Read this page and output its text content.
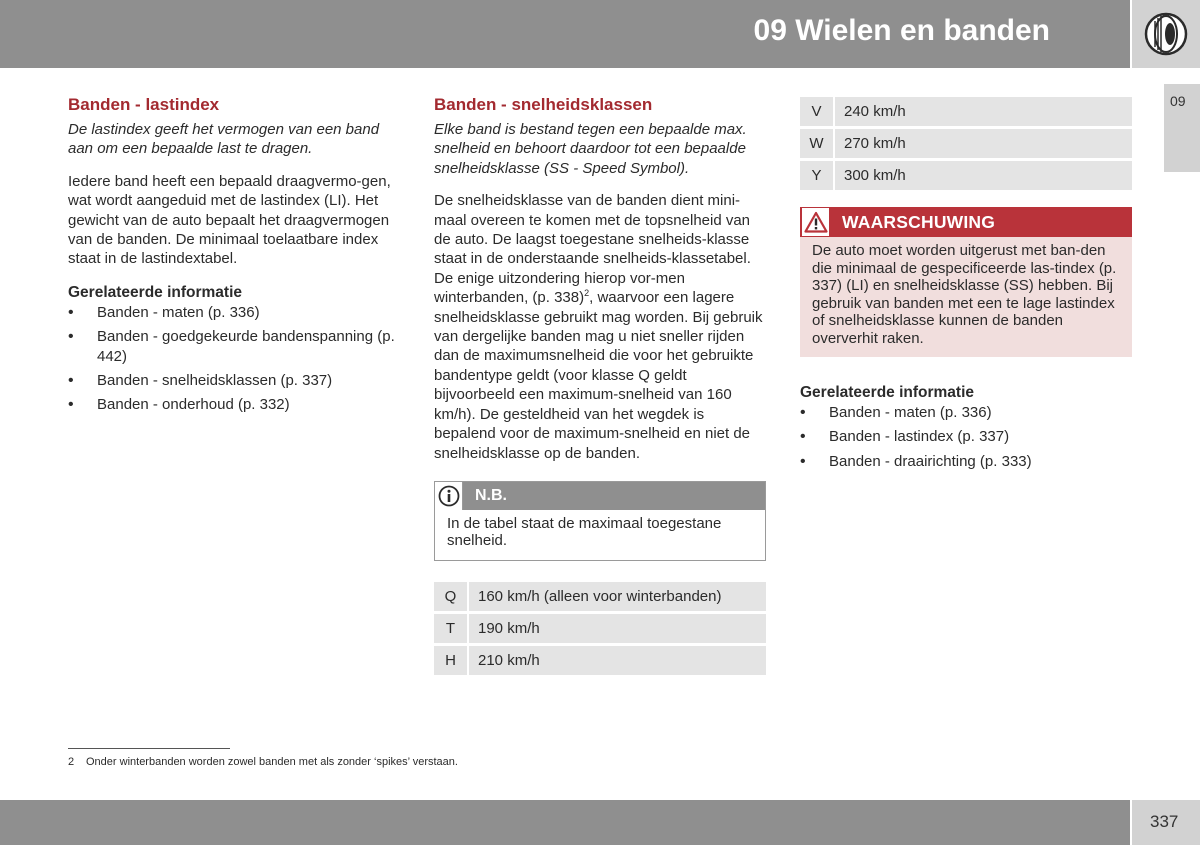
09 Wielen en banden
09
Banden - lastindex

De lastindex geeft het vermogen van een band aan om een bepaalde last te dragen.

Iedere band heeft een bepaald draagvermo-gen, wat wordt aangeduid met de lastindex (LI). Het gewicht van de auto bepaalt het draagvermogen van de banden. De minimaal toelaatbare index staat in de lastindextabel.

Gerelateerde informatie
• Banden - maten (p. 336)
• Banden - goedgekeurde bandenspanning (p. 442)
• Banden - snelheidsklassen (p. 337)
• Banden - onderhoud (p. 332)
Banden - snelheidsklassen

Elke band is bestand tegen een bepaalde max. snelheid en behoort daardoor tot een bepaalde snelheidsklasse (SS - Speed Symbol).

De snelheidsklasse van de banden dient mini-maal overeen te komen met de topsnelheid van de auto. De laagst toegestane snelheids-klasse staat in de onderstaande snelheids-klassetabel. De enige uitzondering hierop vor-men winterbanden, (p. 338)$^2$, waarvoor een lagere snelheidsklasse gebruikt mag worden. Bij gebruik van dergelijke banden mag u niet sneller rijden dan de maximumsnelheid die voor het gebruikte bandentype geldt (voor klasse Q geldt bijvoorbeeld een maximum-snelheid van 160 km/h). De gesteldheid van het wegdek is bepalend voor de maximum-snelheid en niet de snelheidsklasse op de banden.

N.B.
In de tabel staat de maximaal toegestane snelheid.
Q	160 km/h (alleen voor winterbanden)
T	190 km/h
H	210 km/h
V	240 km/h
W	270 km/h
Y	300 km/h
WAARSCHUWING
De auto moet worden uitgerust met ban-den die minimaal de gespecificeerde las-tindex (p. 337) (LI) en snelheidsklasse (SS) hebben. Bij gebruik van banden met een te lage lastindex of snelheidsklasse kunnen de banden oververhit raken.
Gerelateerde informatie
• Banden - maten (p. 336)
• Banden - lastindex (p. 337)
• Banden - draairichting (p. 333)
2 Onder winterbanden worden zowel banden met als zonder ‘spikes’ verstaan.
337
